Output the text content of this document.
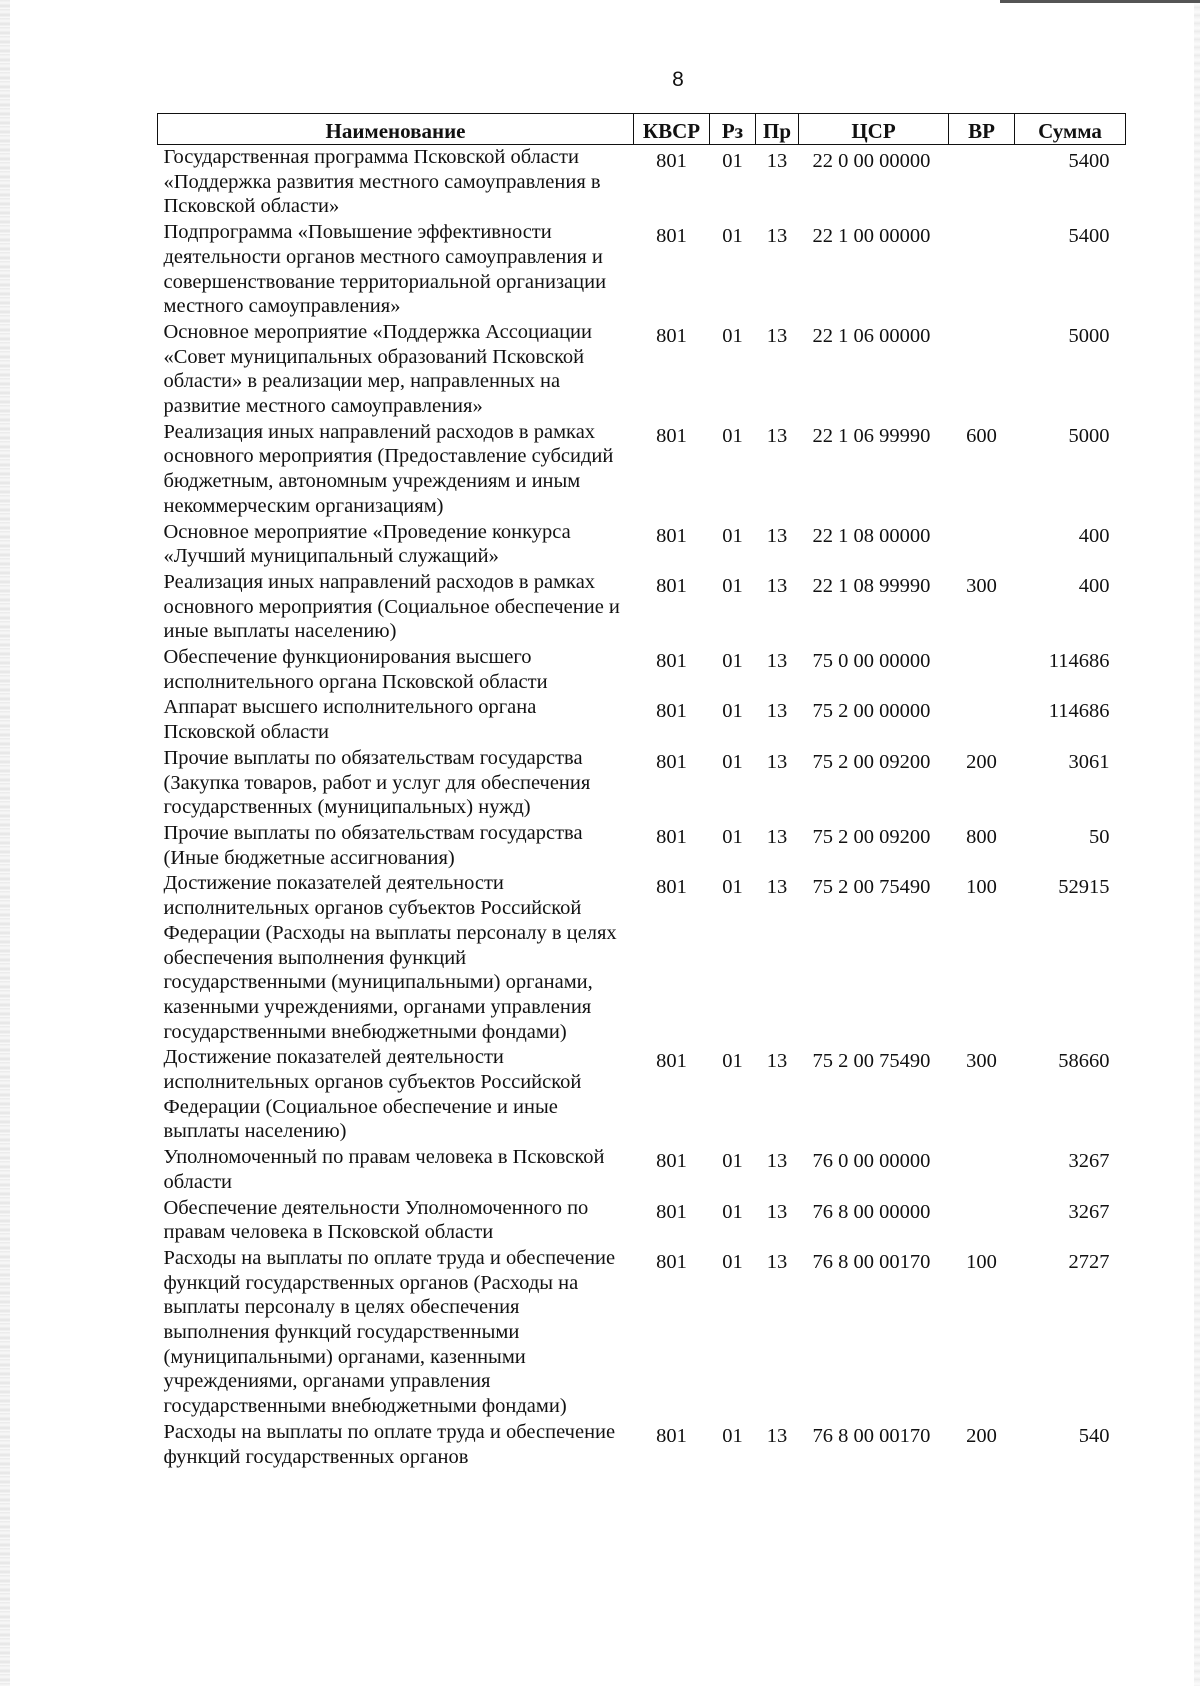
8
Наименование	КВСР	Рз	Пр	ЦСР	ВР	Сумма
Государственная программа Псковской области «Поддержка развития местного самоуправления в Псковской области»	801	01	13	22 0 00 00000		5400
Подпрограмма «Повышение эффективности деятельности органов местного самоуправления и совершенствование территориальной организации местного самоуправления»	801	01	13	22 1 00 00000		5400
Основное мероприятие «Поддержка Ассоциации «Совет муниципальных образований Псковской области» в реализации мер, направленных на развитие местного самоуправления»	801	01	13	22 1 06 00000		5000
Реализация иных направлений расходов в рамках основного мероприятия (Предоставление субсидий бюджетным, автономным учреждениям и иным некоммерческим организациям)	801	01	13	22 1 06 99990	600	5000
Основное мероприятие «Проведение конкурса «Лучший муниципальный служащий»	801	01	13	22 1 08 00000		400
Реализация иных направлений расходов в рамках основного мероприятия (Социальное обеспечение и иные выплаты населению)	801	01	13	22 1 08 99990	300	400
Обеспечение функционирования высшего исполнительного органа Псковской области	801	01	13	75 0 00 00000		114686
Аппарат высшего исполнительного органа Псковской области	801	01	13	75 2 00 00000		114686
Прочие выплаты по обязательствам государства (Закупка товаров, работ и услуг для обеспечения государственных (муниципальных) нужд)	801	01	13	75 2 00 09200	200	3061
Прочие выплаты по обязательствам государства (Иные бюджетные ассигнования)	801	01	13	75 2 00 09200	800	50
Достижение показателей деятельности исполнительных органов субъектов Российской Федерации (Расходы на выплаты персоналу в целях обеспечения выполнения функций государственными (муниципальными) органами, казенными учреждениями, органами управления государственными внебюджетными фондами)	801	01	13	75 2 00 75490	100	52915
Достижение показателей деятельности исполнительных органов субъектов Российской Федерации (Социальное обеспечение и иные выплаты населению)	801	01	13	75 2 00 75490	300	58660
Уполномоченный по правам человека в Псковской области	801	01	13	76 0 00 00000		3267
Обеспечение деятельности Уполномоченного по правам человека в Псковской области	801	01	13	76 8 00 00000		3267
Расходы на выплаты по оплате труда и обеспечение функций государственных органов (Расходы на выплаты персоналу в целях обеспечения выполнения функций государственными (муниципальными) органами, казенными учреждениями, органами управления государственными внебюджетными фондами)	801	01	13	76 8 00 00170	100	2727
Расходы на выплаты по оплате труда и обеспечение функций государственных органов	801	01	13	76 8 00 00170	200	540
